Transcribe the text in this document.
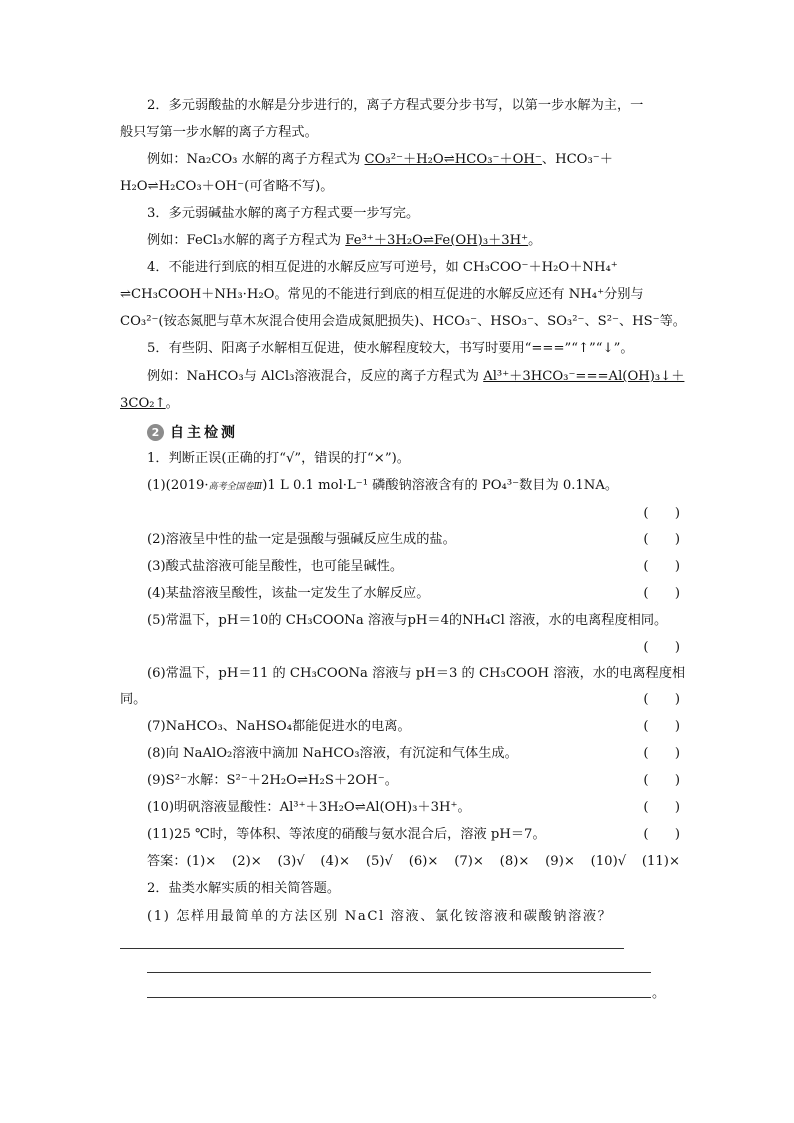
2．多元弱酸盐的水解是分步进行的，离子方程式要分步书写，以第一步水解为主，一
般只写第一步水解的离子方程式。
例如：Na₂CO₃ 水解的离子方程式为 CO₃²⁻＋H₂O⇌HCO₃⁻＋OH⁻、HCO₃⁻＋
H₂O⇌H₂CO₃＋OH⁻(可省略不写)。
3．多元弱碱盐水解的离子方程式要一步写完。
例如：FeCl₃水解的离子方程式为 Fe³⁺＋3H₂O⇌Fe(OH)₃＋3H⁺。
4．不能进行到底的相互促进的水解反应写可逆号，如 CH₃COO⁻＋H₂O＋NH₄⁺
⇌CH₃COOH＋NH₃·H₂O。常见的不能进行到底的相互促进的水解反应还有 NH₄⁺分别与
CO₃²⁻(铵态氮肥与草木灰混合使用会造成氮肥损失)、HCO₃⁻、HSO₃⁻、SO₃²⁻、S²⁻、HS⁻等。
5．有些阴、阳离子水解相互促进，使水解程度较大，书写时要用“===”“↑”“↓”。
例如：NaHCO₃与 AlCl₃溶液混合，反应的离子方程式为 Al³⁺＋3HCO₃⁻===Al(OH)₃↓＋
3CO₂↑。
2 自主检测
1．判断正误(正确的打“√”，错误的打“×”)。
(1)(2019·高考全国卷Ⅲ)1 L 0.1 mol·L⁻¹ 磷酸钠溶液含有的 PO₄³⁻数目为 0.1NA。
(　　)
(2)溶液呈中性的盐一定是强酸与强碱反应生成的盐。	(　　)
(3)酸式盐溶液可能呈酸性，也可能呈碱性。	(　　)
(4)某盐溶液呈酸性，该盐一定发生了水解反应。	(　　)
(5)常温下，pH＝10的 CH₃COONa 溶液与pH＝4的NH₄Cl 溶液，水的电离程度相同。
(　　)
(6)常温下，pH＝11 的 CH₃COONa 溶液与 pH＝3 的 CH₃COOH 溶液，水的电离程度相
同。	(　　)
(7)NaHCO₃、NaHSO₄都能促进水的电离。	(　　)
(8)向 NaAlO₂溶液中滴加 NaHCO₃溶液，有沉淀和气体生成。	(　　)
(9)S²⁻水解：S²⁻＋2H₂O⇌H₂S＋2OH⁻。	(　　)
(10)明矾溶液显酸性：Al³⁺＋3H₂O⇌Al(OH)₃＋3H⁺。	(　　)
(11)25 ℃时，等体积、等浓度的硝酸与氨水混合后，溶液 pH＝7。	(　　)
答案：(1)× (2)× (3)√ (4)× (5)√ (6)× (7)× (8)× (9)× (10)√ (11)×
2．盐类水解实质的相关简答题。
(1) 怎样用最简单的方法区别 NaCl 溶液、氯化铵溶液和碳酸钠溶液？
。
